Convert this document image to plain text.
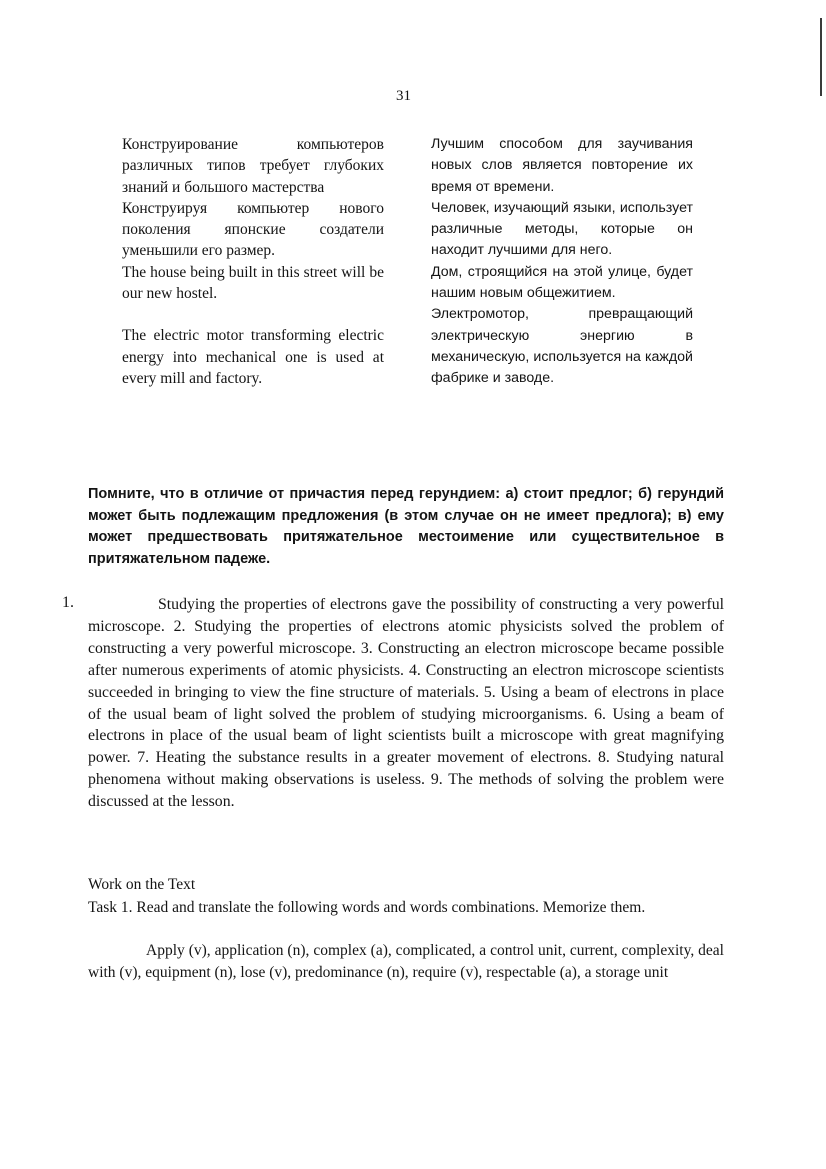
31

Конструирование компьютеров различных типов требует глубоких знаний и большого мастерства

Конструируя компьютер нового поколения японские создатели уменьшили его размер.

The house being built in this street will be our new hostel.

The electric motor transforming electric energy into mechanical one is used at every mill and factory.

Лучшим способом для заучивания новых слов является повторение их время от времени.

Человек, изучающий языки, использует различные методы, которые он находит лучшими для него.

Дом, строящийся на этой улице, будет нашим новым общежитием.

Электромотор, превращающий электрическую энергию в механическую, используется на каждой фабрике и заводе.

Помните, что в отличие от причастия перед герундием: а) стоит предлог; б) герундий может быть подлежащим предложения (в этом случае он не имеет предлога); в) ему может предшествовать притяжательное местоимение или существительное в притяжательном падеже.
1.	Studying the properties of electrons gave the possibility of constructing a very powerful microscope. 2. Studying the properties of electrons atomic physicists solved the problem of constructing a very powerful microscope. 3. Constructing an electron microscope became possible after numerous experiments of atomic physicists. 4. Constructing an electron microscope scientists succeeded in bringing to view the fine structure of materials. 5. Using a beam of electrons in place of the usual beam of light solved the problem of studying microorganisms. 6. Using a beam of electrons in place of the usual beam of light scientists built a microscope with great magnifying power. 7. Heating the substance results in a greater movement of electrons. 8. Studying natural phenomena without making observations is useless. 9. The methods of solving the problem were discussed at the lesson.
Work on the Text
Task 1. Read and translate the following words and words combinations. Memorize them.
Apply (v), application (n), complex (a), complicated, a control unit, current, complexity, deal with (v), equipment (n), lose (v), predominance (n), require (v), respectable (a), a storage unit
